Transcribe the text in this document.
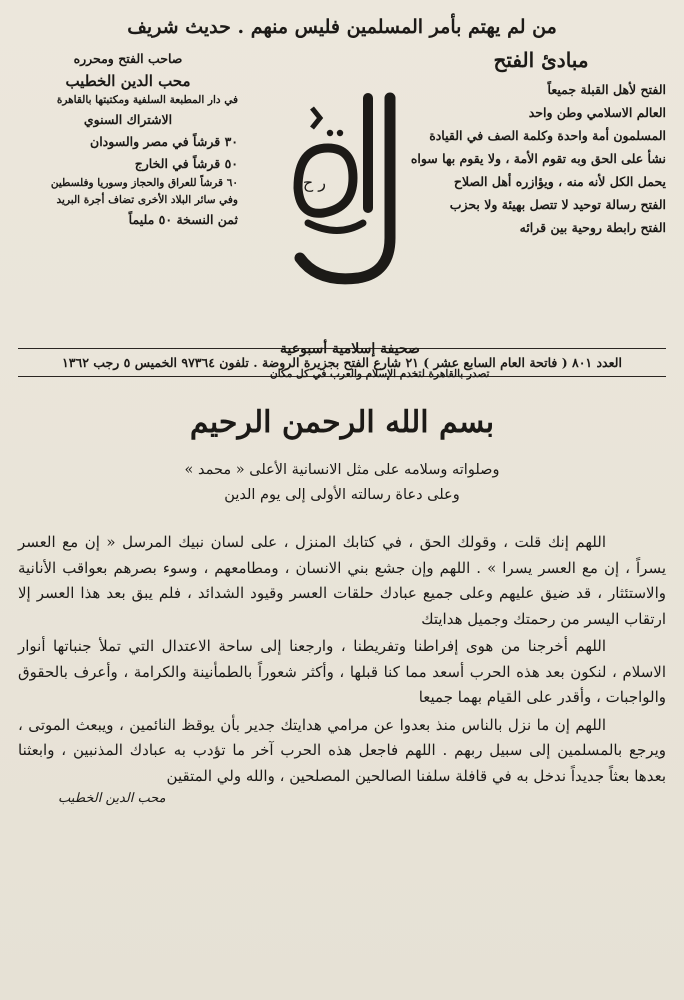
من لم يهتم بأمر المسلمين فليس منهم . حديث شريف
مبادئ الفتح
الفتح لأهل القبلة جميعاً
العالم الاسلامي وطن واحد
المسلمون أمة واحدة وكلمة الصف في القيادة
نشأ على الحق وبه تقوم الأمة ، ولا يقوم بها سواه
يحمل الكل لأنه منه ، ويؤازره أهل الصلاح
الفتح رسالة توحيد لا تتصل بهيئة ولا بحزب
الفتح رابطة روحية بين قرائه
ر ح
صحيفة إسلامية أسبوعية
تصدر بالقاهرة لتخدم الإسلام والعرب في كل مكان
صاحب الفتح ومحرره
محب الدين الخطيب
في دار المطبعة السلفية ومكتبتها بالقاهرة
الاشتراك السنوي
٣٠ قرشاً في مصر والسودان
٥٠ قرشاً في الخارج
٦٠ قرشاً للعراق والحجاز وسوريا وفلسطين
وفي سائر البلاد الأخرى تضاف أجرة البريد
ثمن النسخة ٥٠ مليماً
العدد ٨٠١ ( فاتحة العام السابع عشر ) ٢١ شارع الفتح بجزيرة الروضة . تلفون ٩٧٣٦٤ الخميس ٥ رجب ١٣٦٢
بسم الله الرحمن الرحيم
وصلواته وسلامه على مثل الانسانية الأعلى « محمد »
وعلى دعاة رسالته الأولى إلى يوم الدين

اللهم إنك قلت ، وقولك الحق ، في كتابك المنزل ، على لسان نبيك المرسل « إن مع العسر يسراً ، إن مع العسر يسرا » . اللهم وإن جشع بني الانسان ، ومطامعهم ، وسوء بصرهم بعواقب الأنانية والاستئثار ، قد ضيق عليهم وعلى جميع عبادك حلقات العسر وقيود الشدائد ، فلم يبق بعد هذا العسر إلا ارتقاب اليسر من رحمتك وجميل هدايتك

اللهم أخرجنا من هوى إفراطنا وتفريطنا ، وارجعنا إلى ساحة الاعتدال التي تملأ جنباتها أنوار الاسلام ، لنكون بعد هذه الحرب أسعد مما كنا قبلها ، وأكثر شعوراً بالطمأنينة والكرامة ، وأعرف بالحقوق والواجبات ، وأقدر على القيام بهما جميعا

اللهم إن ما نزل بالناس منذ بعدوا عن مرامي هدايتك جدير بأن يوقظ النائمين ، ويبعث الموتى ، ويرجع بالمسلمين إلى سبيل ربهم . اللهم فاجعل هذه الحرب آخر ما تؤدب به عبادك المذنبين ، وابعثنا بعدها بعثاً جديداً ندخل به في قافلة سلفنا الصالحين المصلحين ، والله ولي المتقين

محب الدين الخطيب
